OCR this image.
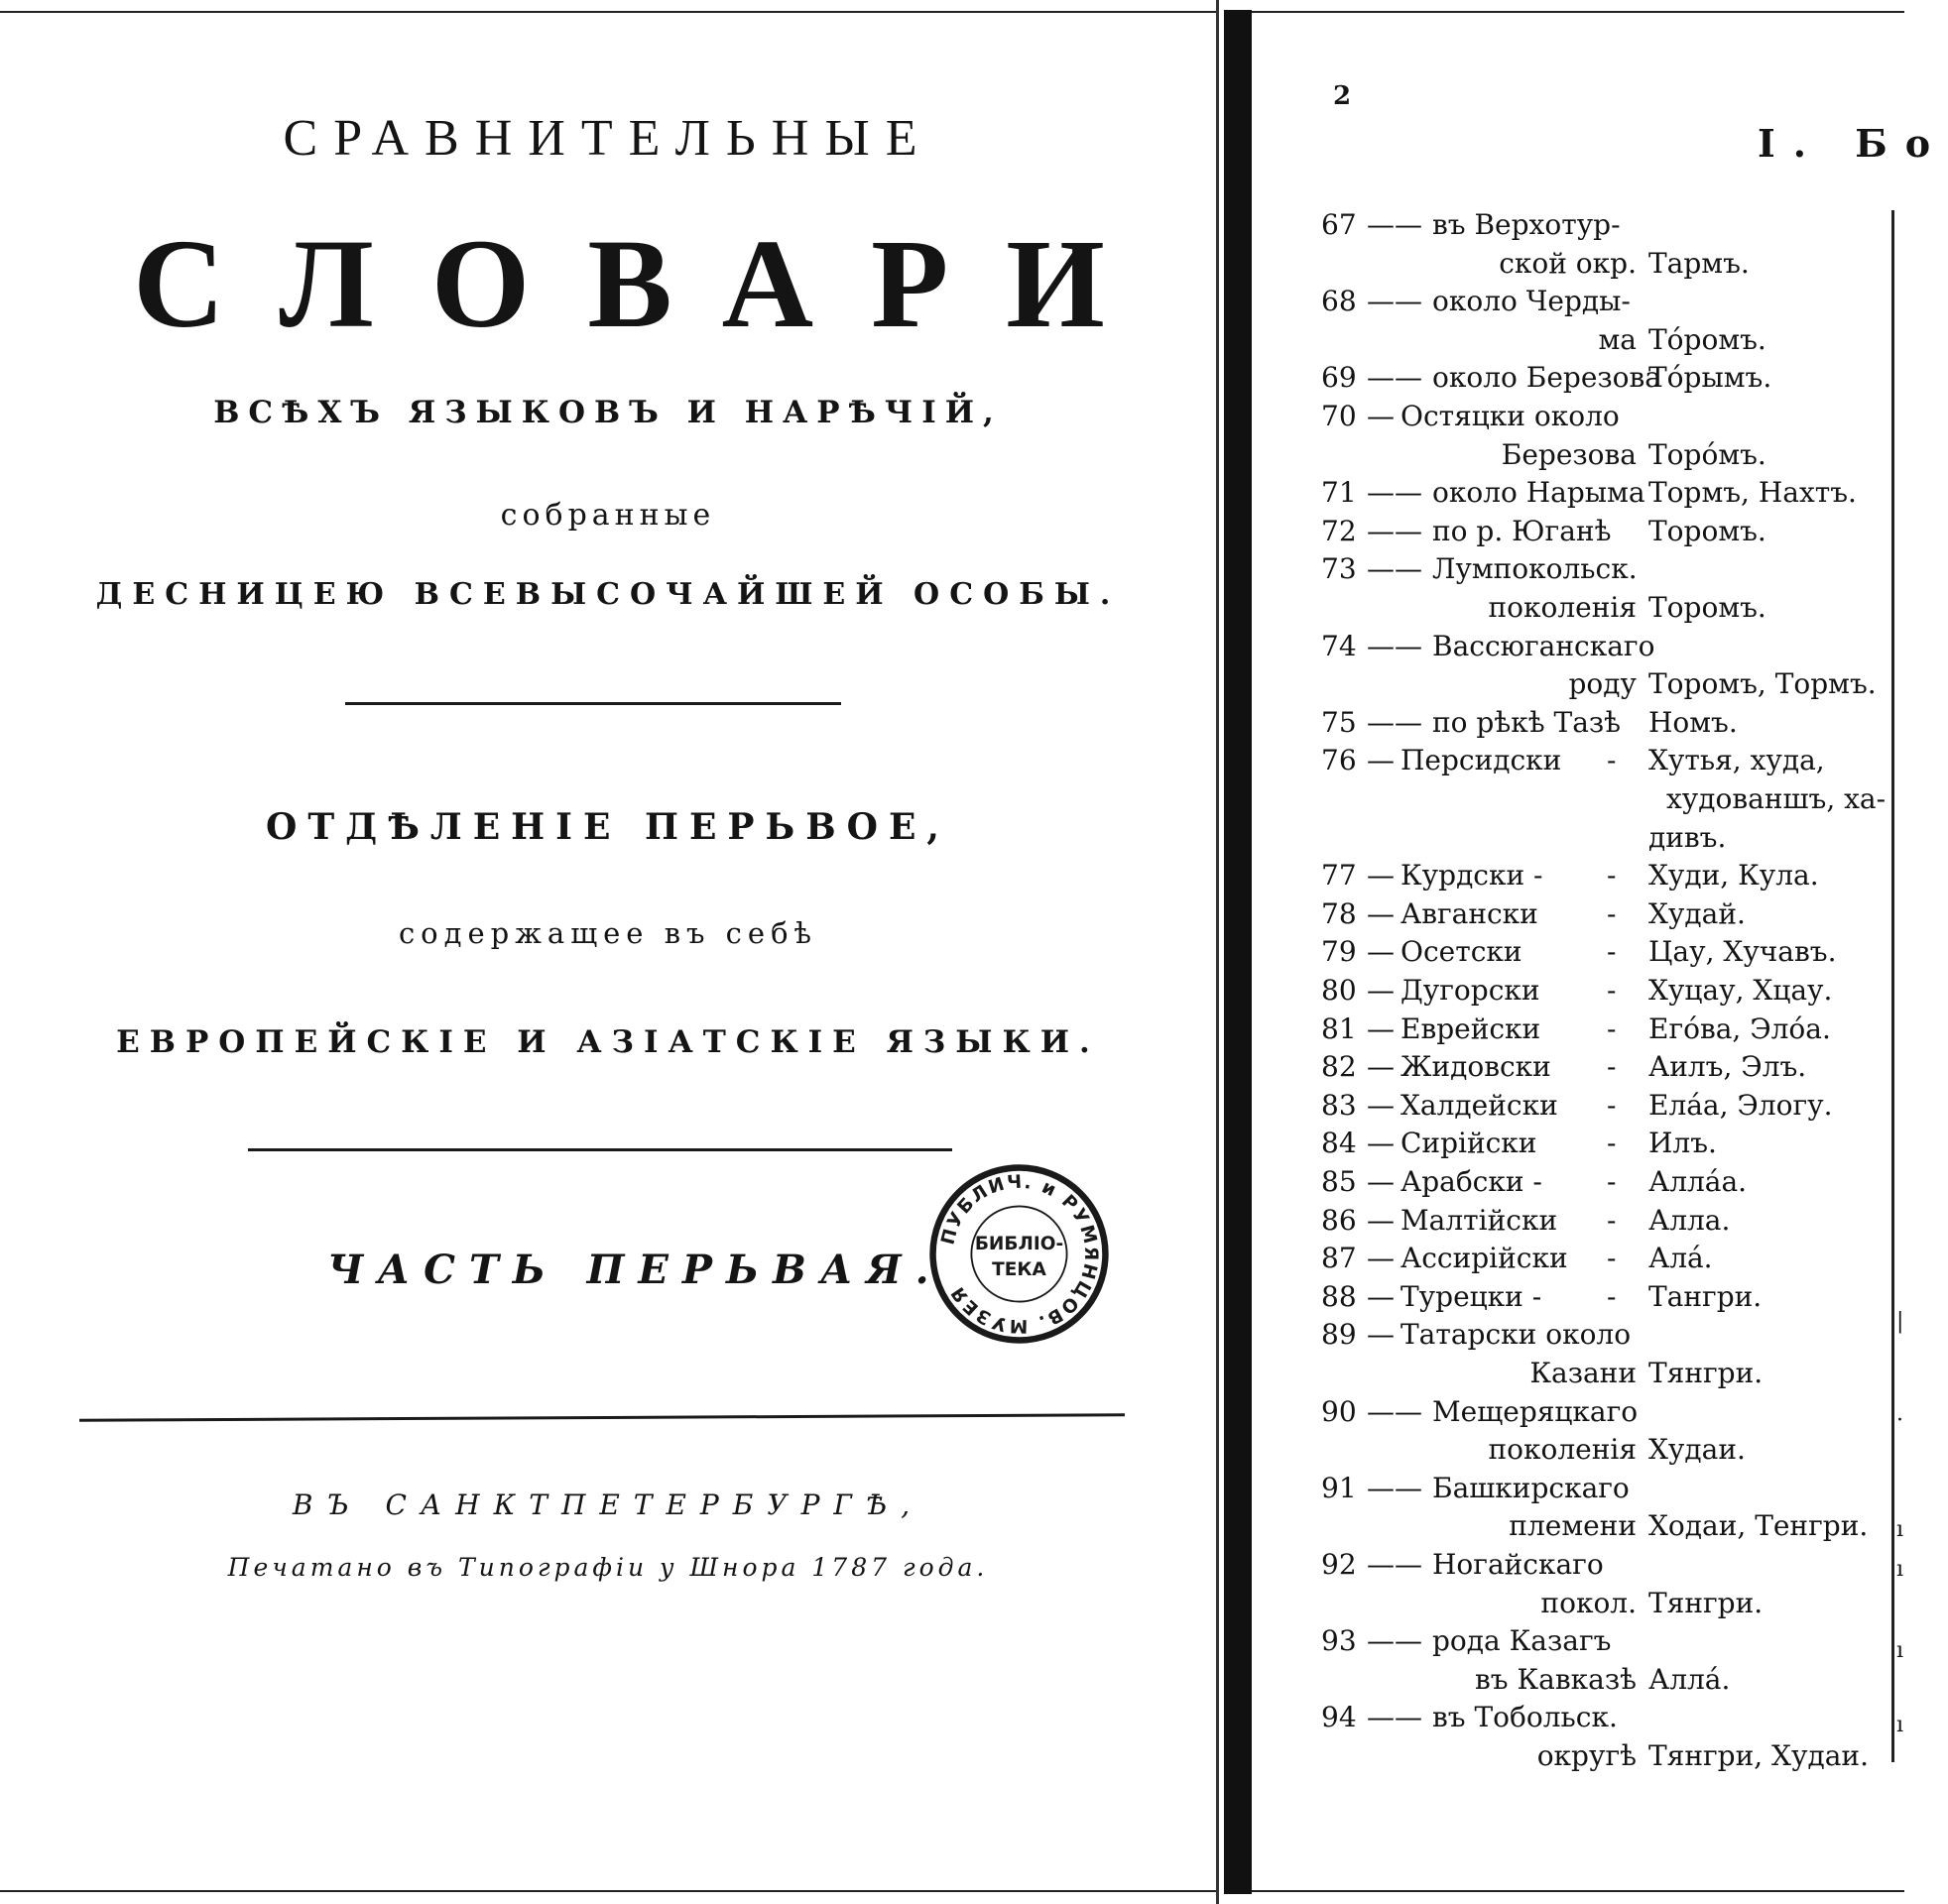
СРАВНИТЕЛЬНЫЕ
СЛОВАРИ
ВСѢХЪ ЯЗЫКОВЪ И НАРѢЧІЙ,
собранные
ДЕСНИЦЕЮ ВСЕВЫСОЧАЙШЕЙ ОСОБЫ.
ОТДѢЛЕНІЕ ПЕРЬВОЕ,
содержащее въ себѣ
ЕВРОПЕЙСКІЕ И АЗІАТСКІЕ ЯЗЫКИ.
ЧАСТЬ ПЕРЬВАЯ.
ПУБЛИЧ. и РУМЯНЦОВ. МУЗЕЯ
БИБЛІО-
ТЕКА
ВЪ САНКТПЕТЕРБУРГѢ,
Печатано въ Типографіи у Шнора 1787 года.
2
I. Бо
|
·
ı
ı
ı
ı
67 —— въ Верхотур-
ской окр. Тармъ.
68 —— около Черды-
ма То́ромъ.
69 —— около Березова
То́рымъ.
70 — Остяцки около
Березова Торо́мъ.
71 —— около Нарыма Тормъ, Нахтъ.
72 —— по р. Юганѣ Торомъ.
73 —— Лумпокольск.
поколенія Торомъ.
74 —— Вассюганскаго
роду Торомъ, Тормъ.
75 —— по рѣкѣ Тазѣ Номъ.
76 — Персидски - Хутья, худа,
худованшъ, ха-
дивъ.
77 — Курдски - - Худи, Кула.
78 — Авгански - Худай.
79 — Осетски	- Цау, Хучавъ.
80 — Дугорски - Хуцау, Хцау.
81 — Еврейски - Его́ва, Элόа.
82 — Жидовски - Аилъ, Элъ.
83 — Халдейски - Ела́а, Элогу.
84 — Сирійски	- Илъ.
85 — Арабски - - Алла́а.
86 — Малтійски - Алла.
87 — Ассирійски - Ала́.
88 — Турецки - - Тангри.
89 — Татарски около
Казани Тянгри.
90 —— Мещеряцкаго
поколенія Худаи.
91 —— Башкирскаго
племени Ходаи, Тенгри.
92 —— Ногайскаго
покол. Тянгри.
93 —— рода Казагъ
въ Кавказѣ Алла́.
94 —— въ Тобольск.
округѣ Тянгри, Худаи.
